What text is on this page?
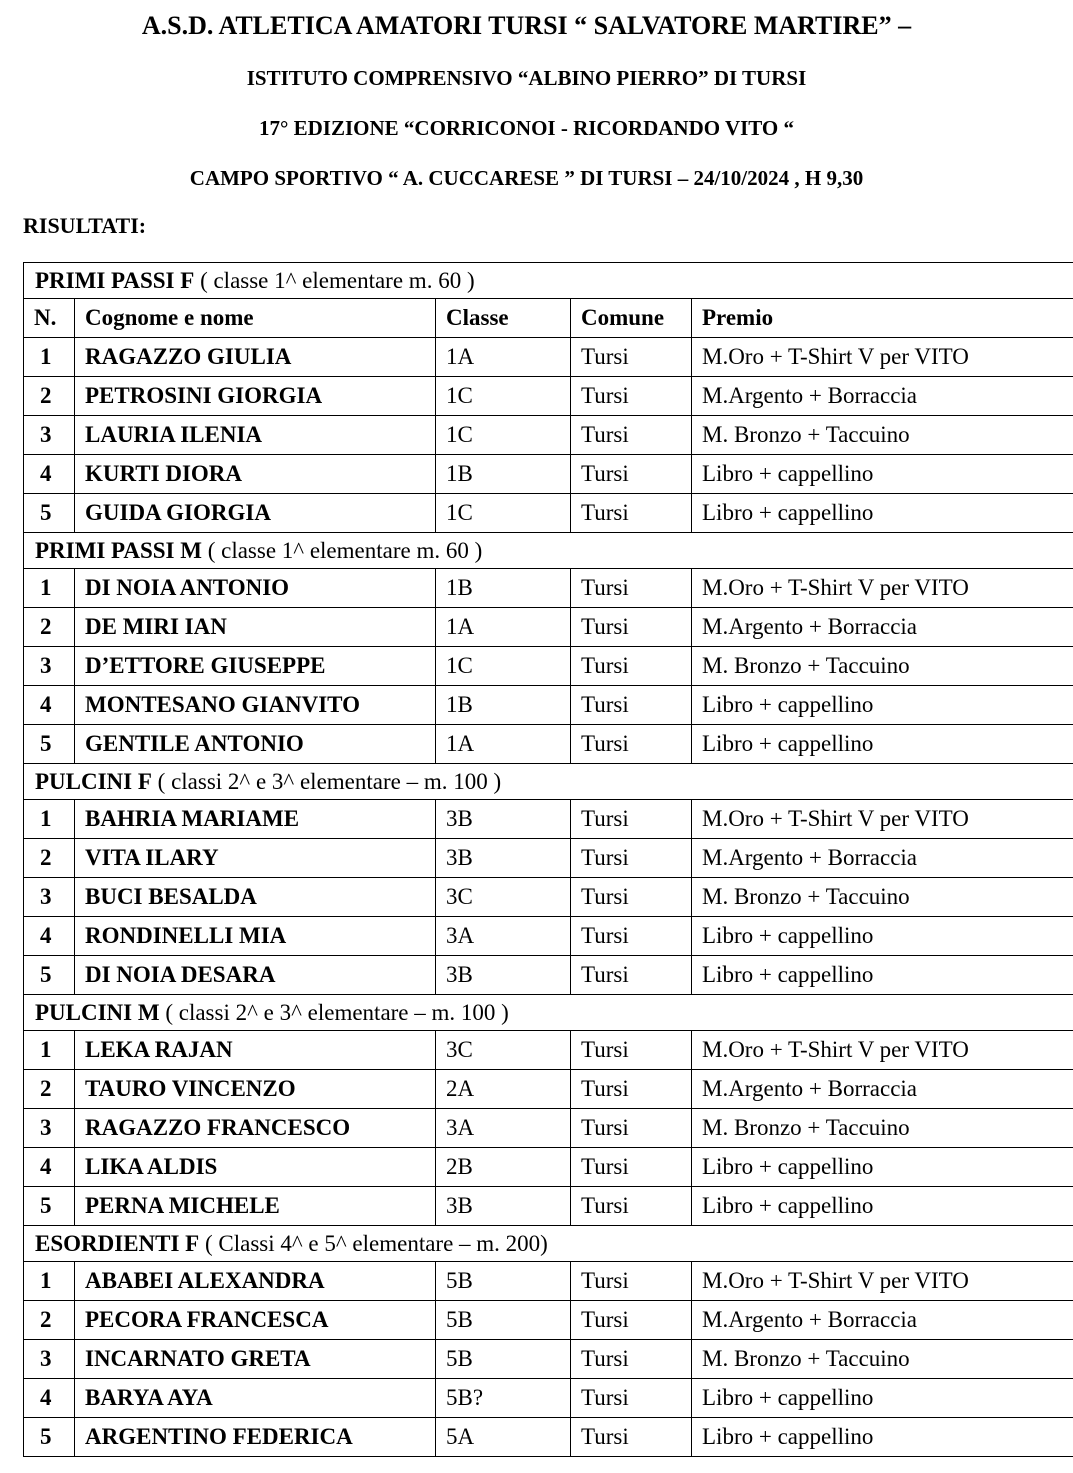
A.S.D. ATLETICA AMATORI TURSI “ SALVATORE MARTIRE” –
ISTITUTO COMPRENSIVO “ALBINO PIERRO” DI TURSI
17° EDIZIONE “CORRICONOI - RICORDANDO VITO “
CAMPO SPORTIVO “ A. CUCCARESE ” DI TURSI – 24/10/2024 , H 9,30
RISULTATI:
PRIMI PASSI F ( classe 1^ elementare m. 60 )				
N.	Cognome e nome	Classe	Comune	Premio
1	RAGAZZO GIULIA	1A	Tursi	M.Oro + T-Shirt V per VITO
2	PETROSINI GIORGIA	1C	Tursi	M.Argento + Borraccia
3	LAURIA ILENIA	1C	Tursi	M. Bronzo + Taccuino
4	KURTI DIORA	1B	Tursi	Libro + cappellino
5	GUIDA GIORGIA	1C	Tursi	Libro + cappellino
PRIMI PASSI M ( classe 1^ elementare m. 60 )				
1	DI NOIA ANTONIO	1B	Tursi	M.Oro + T-Shirt V per VITO
2	DE MIRI IAN	1A	Tursi	M.Argento + Borraccia
3	D’ETTORE GIUSEPPE	1C	Tursi	M. Bronzo + Taccuino
4	MONTESANO GIANVITO	1B	Tursi	Libro + cappellino
5	GENTILE ANTONIO	1A	Tursi	Libro + cappellino
PULCINI F ( classi 2^ e 3^ elementare – m. 100 )				
1	BAHRIA MARIAME	3B	Tursi	M.Oro + T-Shirt V per VITO
2	VITA ILARY	3B	Tursi	M.Argento + Borraccia
3	BUCI BESALDA	3C	Tursi	M. Bronzo + Taccuino
4	RONDINELLI MIA	3A	Tursi	Libro + cappellino
5	DI NOIA DESARA	3B	Tursi	Libro + cappellino
PULCINI M ( classi 2^ e 3^ elementare – m. 100 )				
1	LEKA RAJAN	3C	Tursi	M.Oro + T-Shirt V per VITO
2	TAURO VINCENZO	2A	Tursi	M.Argento + Borraccia
3	RAGAZZO FRANCESCO	3A	Tursi	M. Bronzo + Taccuino
4	LIKA ALDIS	2B	Tursi	Libro + cappellino
5	PERNA MICHELE	3B	Tursi	Libro + cappellino
ESORDIENTI F ( Classi 4^ e 5^ elementare – m. 200)				
1	ABABEI ALEXANDRA	5B	Tursi	M.Oro + T-Shirt V per VITO
2	PECORA FRANCESCA	5B	Tursi	M.Argento + Borraccia
3	INCARNATO GRETA	5B	Tursi	M. Bronzo + Taccuino
4	BARYA AYA	5B?	Tursi	Libro + cappellino
5	ARGENTINO FEDERICA	5A	Tursi	Libro + cappellino
